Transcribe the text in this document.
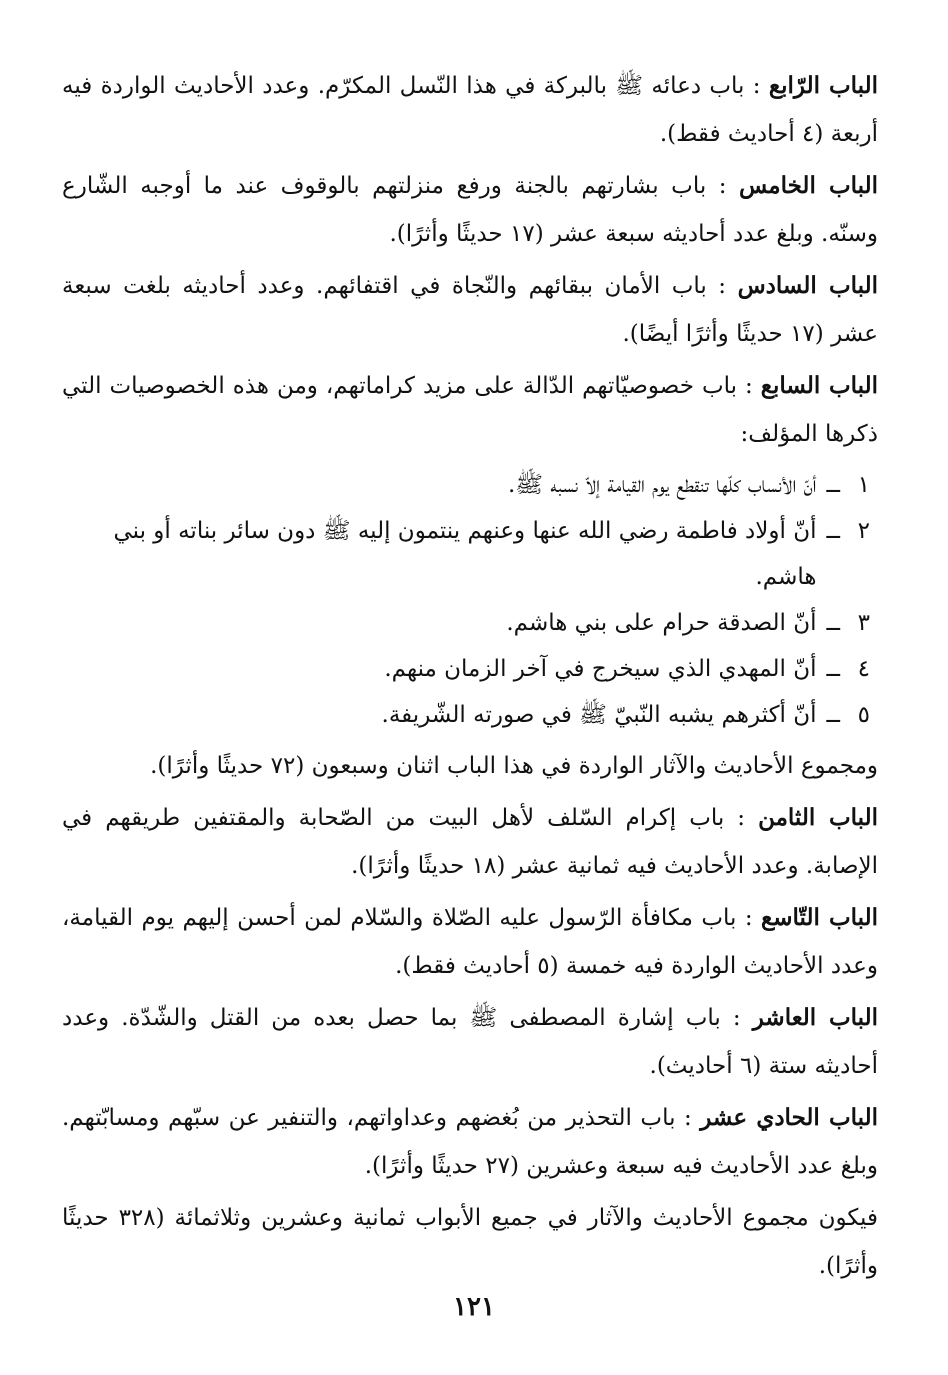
الباب الرّابع : باب دعائه ﷺ بالبركة في هذا النّسل المكرّم. وعدد الأحاديث الواردة فيه أربعة (٤ أحاديث فقط).

الباب الخامس : باب بشارتهم بالجنة ورفع منزلتهم بالوقوف عند ما أوجبه الشّارع وسنّه. وبلغ عدد أحاديثه سبعة عشر (١٧ حديثًا وأثرًا).

الباب السادس : باب الأمان ببقائهم والنّجاة في اقتفائهم. وعدد أحاديثه بلغت سبعة عشر (١٧ حديثًا وأثرًا أيضًا).

الباب السابع : باب خصوصيّاتهم الدّالة على مزيد كراماتهم، ومن هذه الخصوصيات التي ذكرها المؤلف:

١
ــ
أنّ الأنساب كلّها تنقطع يوم القيامة إلاّ نسبه ﷺ.
٢
ــ
أنّ أولاد فاطمة رضي الله عنها وعنهم ينتمون إليه ﷺ دون سائر بناته أو بني هاشم.
٣
ــ
أنّ الصدقة حرام على بني هاشم.
٤
ــ
أنّ المهدي الذي سيخرج في آخر الزمان منهم.
٥
ــ
أنّ أكثرهم يشبه النّبيّ ﷺ في صورته الشّريفة.

ومجموع الأحاديث والآثار الواردة في هذا الباب اثنان وسبعون (٧٢ حديثًا وأثرًا).

الباب الثامن : باب إكرام السّلف لأهل البيت من الصّحابة والمقتفين طريقهم في الإصابة. وعدد الأحاديث فيه ثمانية عشر (١٨ حديثًا وأثرًا).

الباب التّاسع : باب مكافأة الرّسول عليه الصّلاة والسّلام لمن أحسن إليهم يوم القيامة، وعدد الأحاديث الواردة فيه خمسة (٥ أحاديث فقط).

الباب العاشر : باب إشارة المصطفى ﷺ بما حصل بعده من القتل والشّدّة. وعدد أحاديثه ستة (٦ أحاديث).

الباب الحادي عشر : باب التحذير من بُغضهم وعداواتهم، والتنفير عن سبّهم ومسابّتهم. وبلغ عدد الأحاديث فيه سبعة وعشرين (٢٧ حديثًا وأثرًا).

فيكون مجموع الأحاديث والآثار في جميع الأبواب ثمانية وعشرين وثلاثمائة (٣٢٨ حديثًا وأثرًا).

١٢١
